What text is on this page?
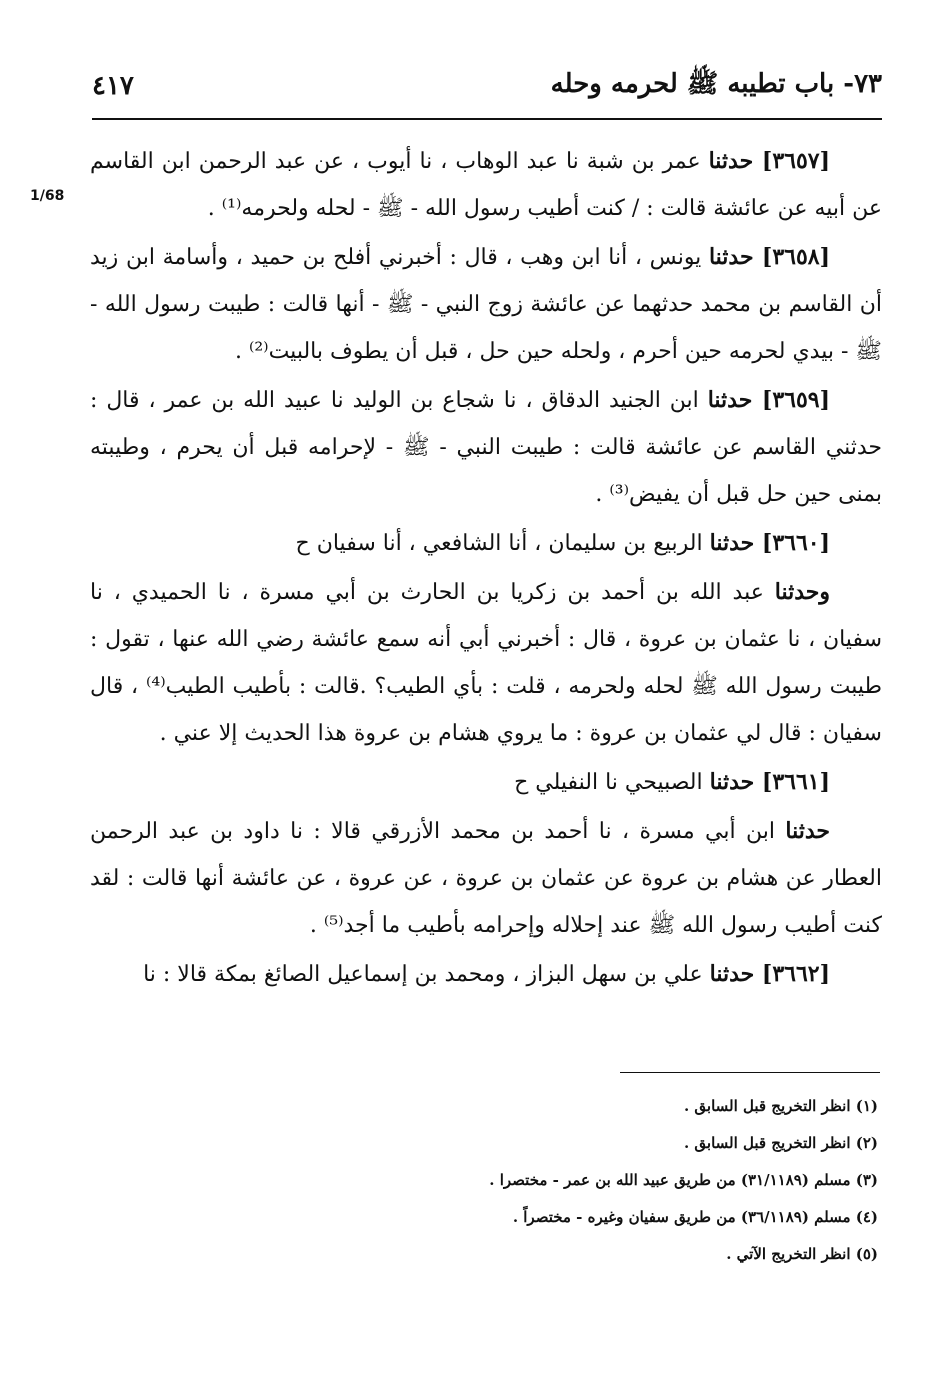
٧٣- باب تطيبه ﷺ لحرمه وحله
٤١٧
1/68

[٣٦٥٧] حدثنا عمر بن شبة نا عبد الوهاب ، نا أيوب ، عن عبد الرحمن ابن القاسم عن أبيه عن عائشة قالت : / كنت أطيب رسول الله - ﷺ - لحله ولحرمه⁽¹⁾ .

[٣٦٥٨] حدثنا يونس ، أنا ابن وهب ، قال : أخبرني أفلح بن حميد ، وأسامة ابن زيد أن القاسم بن محمد حدثهما عن عائشة زوج النبي - ﷺ - أنها قالت : طيبت رسول الله - ﷺ - بيدي لحرمه حين أحرم ، ولحله حين حل ، قبل أن يطوف بالبيت⁽²⁾ .

[٣٦٥٩] حدثنا ابن الجنيد الدقاق ، نا شجاع بن الوليد نا عبيد الله بن عمر ، قال : حدثني القاسم عن عائشة قالت : طيبت النبي - ﷺ - لإحرامه قبل أن يحرم ، وطيبته بمنى حين حل قبل أن يفيض⁽³⁾ .

[٣٦٦٠] حدثنا الربيع بن سليمان ، أنا الشافعي ، أنا سفيان ح

وحدثنا عبد الله بن أحمد بن زكريا بن الحارث بن أبي مسرة ، نا الحميدي ، نا سفيان ، نا عثمان بن عروة ، قال : أخبرني أبي أنه سمع عائشة رضي الله عنها ، تقول : طيبت رسول الله ﷺ لحله ولحرمه ، قلت : بأي الطيب؟ .قالت : بأطيب الطيب⁽⁴⁾ ، قال سفيان : قال لي عثمان بن عروة : ما يروي هشام بن عروة هذا الحديث إلا عني .

[٣٦٦١] حدثنا الصبيحي نا النفيلي ح

حدثنا ابن أبي مسرة ، نا أحمد بن محمد الأزرقي قالا : نا داود بن عبد الرحمن العطار عن هشام بن عروة عن عثمان بن عروة ، عن عروة ، عن عائشة أنها قالت : لقد كنت أطيب رسول الله ﷺ عند إحلاله وإحرامه بأطيب ما أجد⁽⁵⁾ .

[٣٦٦٢] حدثنا علي بن سهل البزاز ، ومحمد بن إسماعيل الصائغ بمكة قالا : نا

(١) انظر التخريج قبل السابق .
(٢) انظر التخريج قبل السابق .
(٣) مسلم (٣١/١١٨٩) من طريق عبيد الله بن عمر - مختصرا .
(٤) مسلم (٣٦/١١٨٩) من طريق سفيان وغيره - مختصراً .
(٥) انظر التخريج الآتي .
